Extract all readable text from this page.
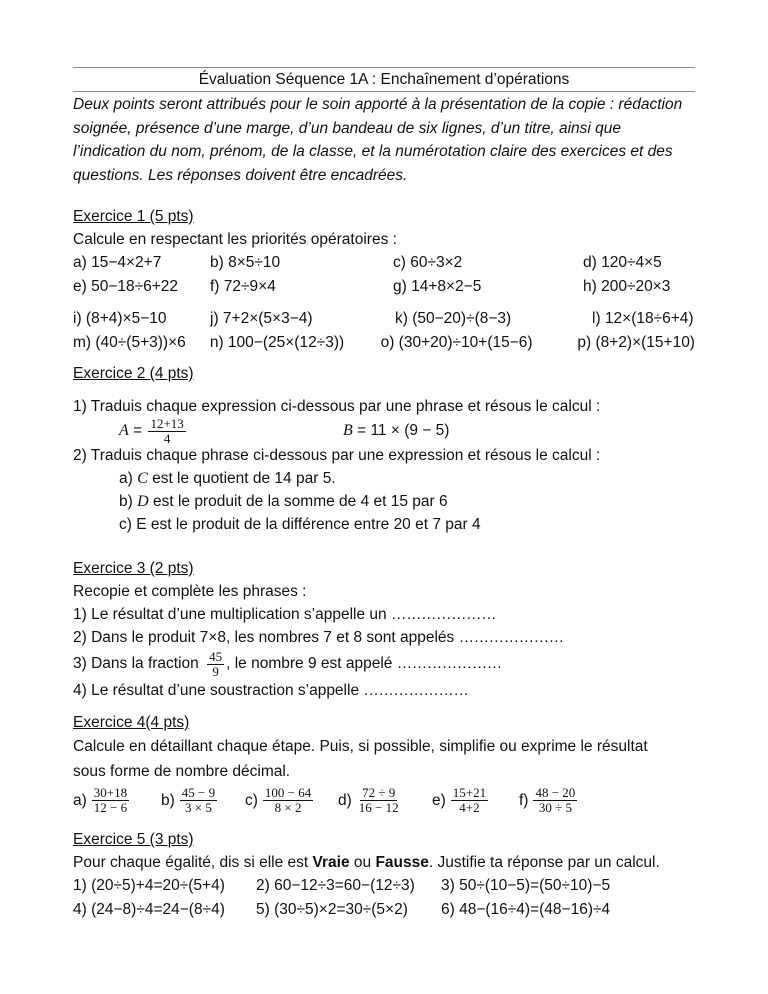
Évaluation Séquence 1A : Enchaînement d’opérations
Deux points seront attribués pour le soin apporté à la présentation de la copie : rédaction soignée, présence d’une marge, d’un bandeau de six lignes, d’un titre, ainsi que l’indication du nom, prénom, de la classe, et la numérotation claire des exercices et des questions. Les réponses doivent être encadrées.
Exercice 1 (5 pts)
Calcule en respectant les priorités opératoires :
a) 15−4×2+7	b) 8×5÷10	c) 60÷3×2	d) 120÷4×5
e) 50−18÷6+22	f) 72÷9×4	g) 14+8×2−5	h) 200÷20×3
i) (8+4)×5−10	j) 7+2×(5×3−4)	k) (50−20)÷(8−3)	l) 12×(18÷6+4)
m) (40÷(5+3))×6	n) 100−(25×(12÷3))	o) (30+20)÷10+(15−6)	p) (8+2)×(15+10)
Exercice 2 (4 pts)
1) Traduis chaque expression ci-dessous par une phrase et résous le calcul :
$A = \frac{12+13}{4}$	B = 11 × (9 − 5)
2) Traduis chaque phrase ci-dessous par une expression et résous le calcul :
a) C est le quotient de 14 par 5.
b) D est le produit de la somme de 4 et 15 par 6
c) E est le produit de la différence entre 20 et 7 par 4
Exercice 3 (2 pts)
Recopie et complète les phrases :
1) Le résultat d’une multiplication s’appelle un …………………
2) Dans le produit 7×8, les nombres 7 et 8 sont appelés …………………
3) Dans la fraction $\frac{45}{9}$ , le nombre 9 est appelé …………………
4) Le résultat d’une soustraction s’appelle …………………
Exercice 4(4 pts)
Calcule en détaillant chaque étape. Puis, si possible, simplifie ou exprime le résultat
sous forme de nombre décimal.
$a) \frac{30+18}{12 - 6} b) \frac{45 - 9}{3 \times 5} c) \frac{100 - 64}{8 \times 2} d) \frac{72 \div 9}{16 - 12} e) \frac{15+21}{4+2} f) \frac{48 - 20}{30 \div 5}$
Exercice 5 (3 pts)
Pour chaque égalité, dis si elle est Vraie ou Fausse. Justifie ta réponse par un calcul.
1) (20÷5)+4=20÷(5+4)	2) 60−12÷3=60−(12÷3)	3) 50÷(10−5)=(50÷10)−5
4) (24−8)÷4=24−(8÷4)	5) (30÷5)×2=30÷(5×2)	6) 48−(16÷4)=(48−16)÷4
